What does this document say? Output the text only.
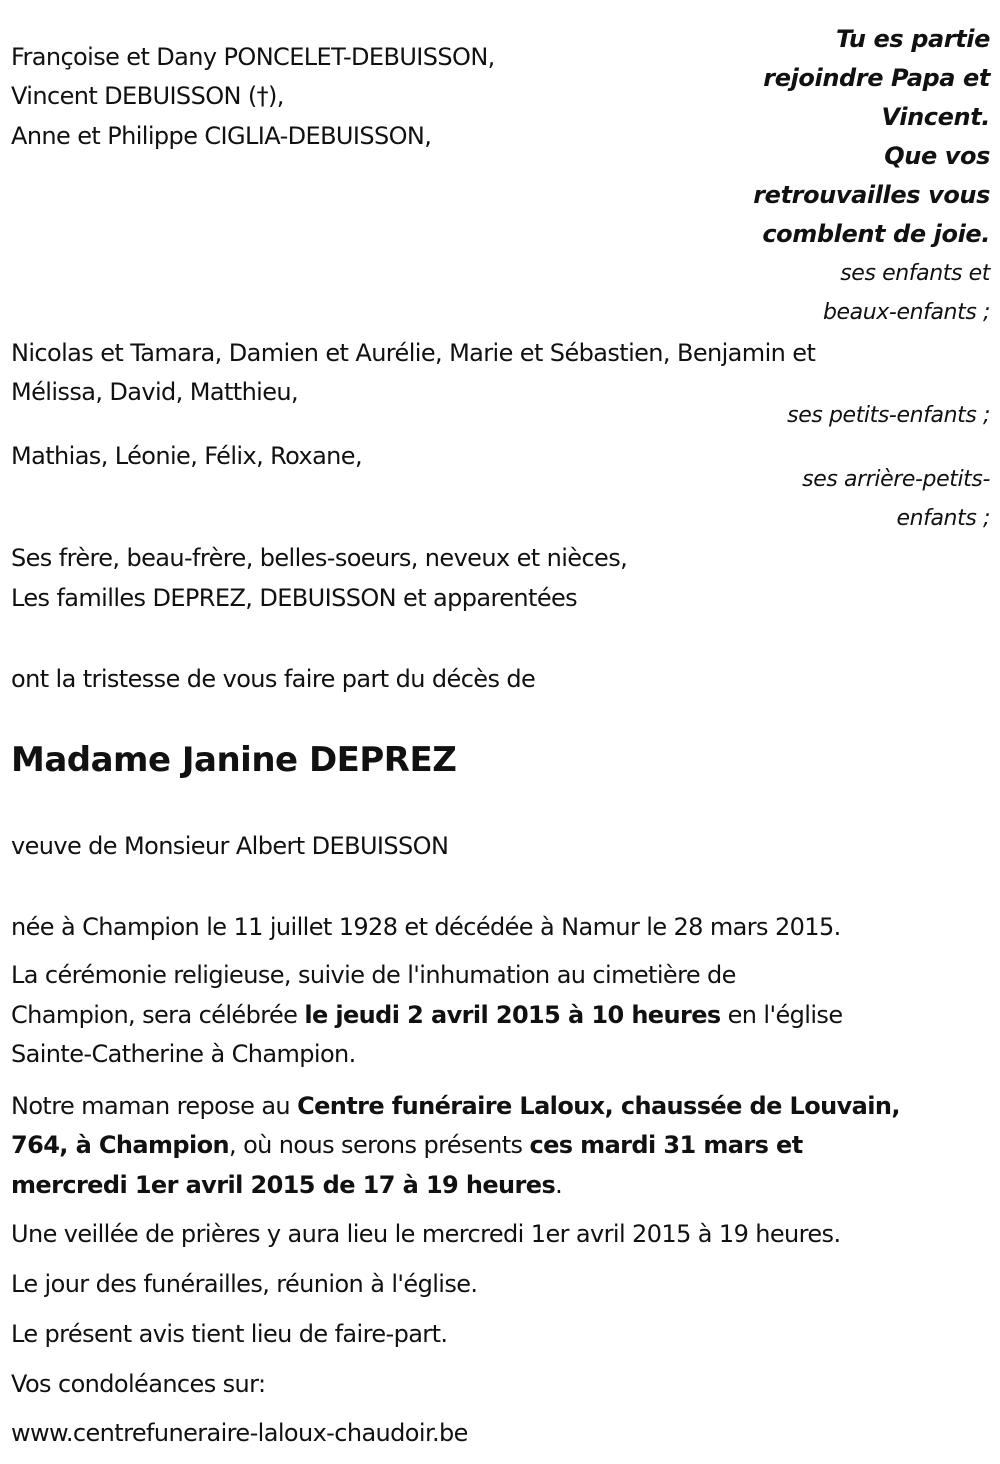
Tu es partie
rejoindre Papa et
Vincent.
Que vos
retrouvailles vous
comblent de joie.
Françoise et Dany PONCELET-DEBUISSON,
Vincent DEBUISSON (†),
Anne et Philippe CIGLIA-DEBUISSON,
ses enfants et
beaux-enfants ;
Nicolas et Tamara, Damien et Aurélie, Marie et Sébastien, Benjamin et
Mélissa, David, Matthieu,
ses petits-enfants ;
Mathias, Léonie, Félix, Roxane,
ses arrière-petits-
enfants ;
Ses frère, beau-frère, belles-soeurs, neveux et nièces,
Les familles DEPREZ, DEBUISSON et apparentées
ont la tristesse de vous faire part du décès de
Madame Janine DEPREZ
veuve de Monsieur Albert DEBUISSON
née à Champion le 11 juillet 1928 et décédée à Namur le 28 mars 2015.
La cérémonie religieuse, suivie de l'inhumation au cimetière de
Champion, sera célébrée le jeudi 2 avril 2015 à 10 heures en l'église
Sainte-Catherine à Champion.
Notre maman repose au Centre funéraire Laloux, chaussée de Louvain,
764, à Champion, où nous serons présents ces mardi 31 mars et
mercredi 1er avril 2015 de 17 à 19 heures.
Une veillée de prières y aura lieu le mercredi 1er avril 2015 à 19 heures.
Le jour des funérailles, réunion à l'église.
Le présent avis tient lieu de faire-part.
Vos condoléances sur:
www.centrefuneraire-laloux-chaudoir.be
